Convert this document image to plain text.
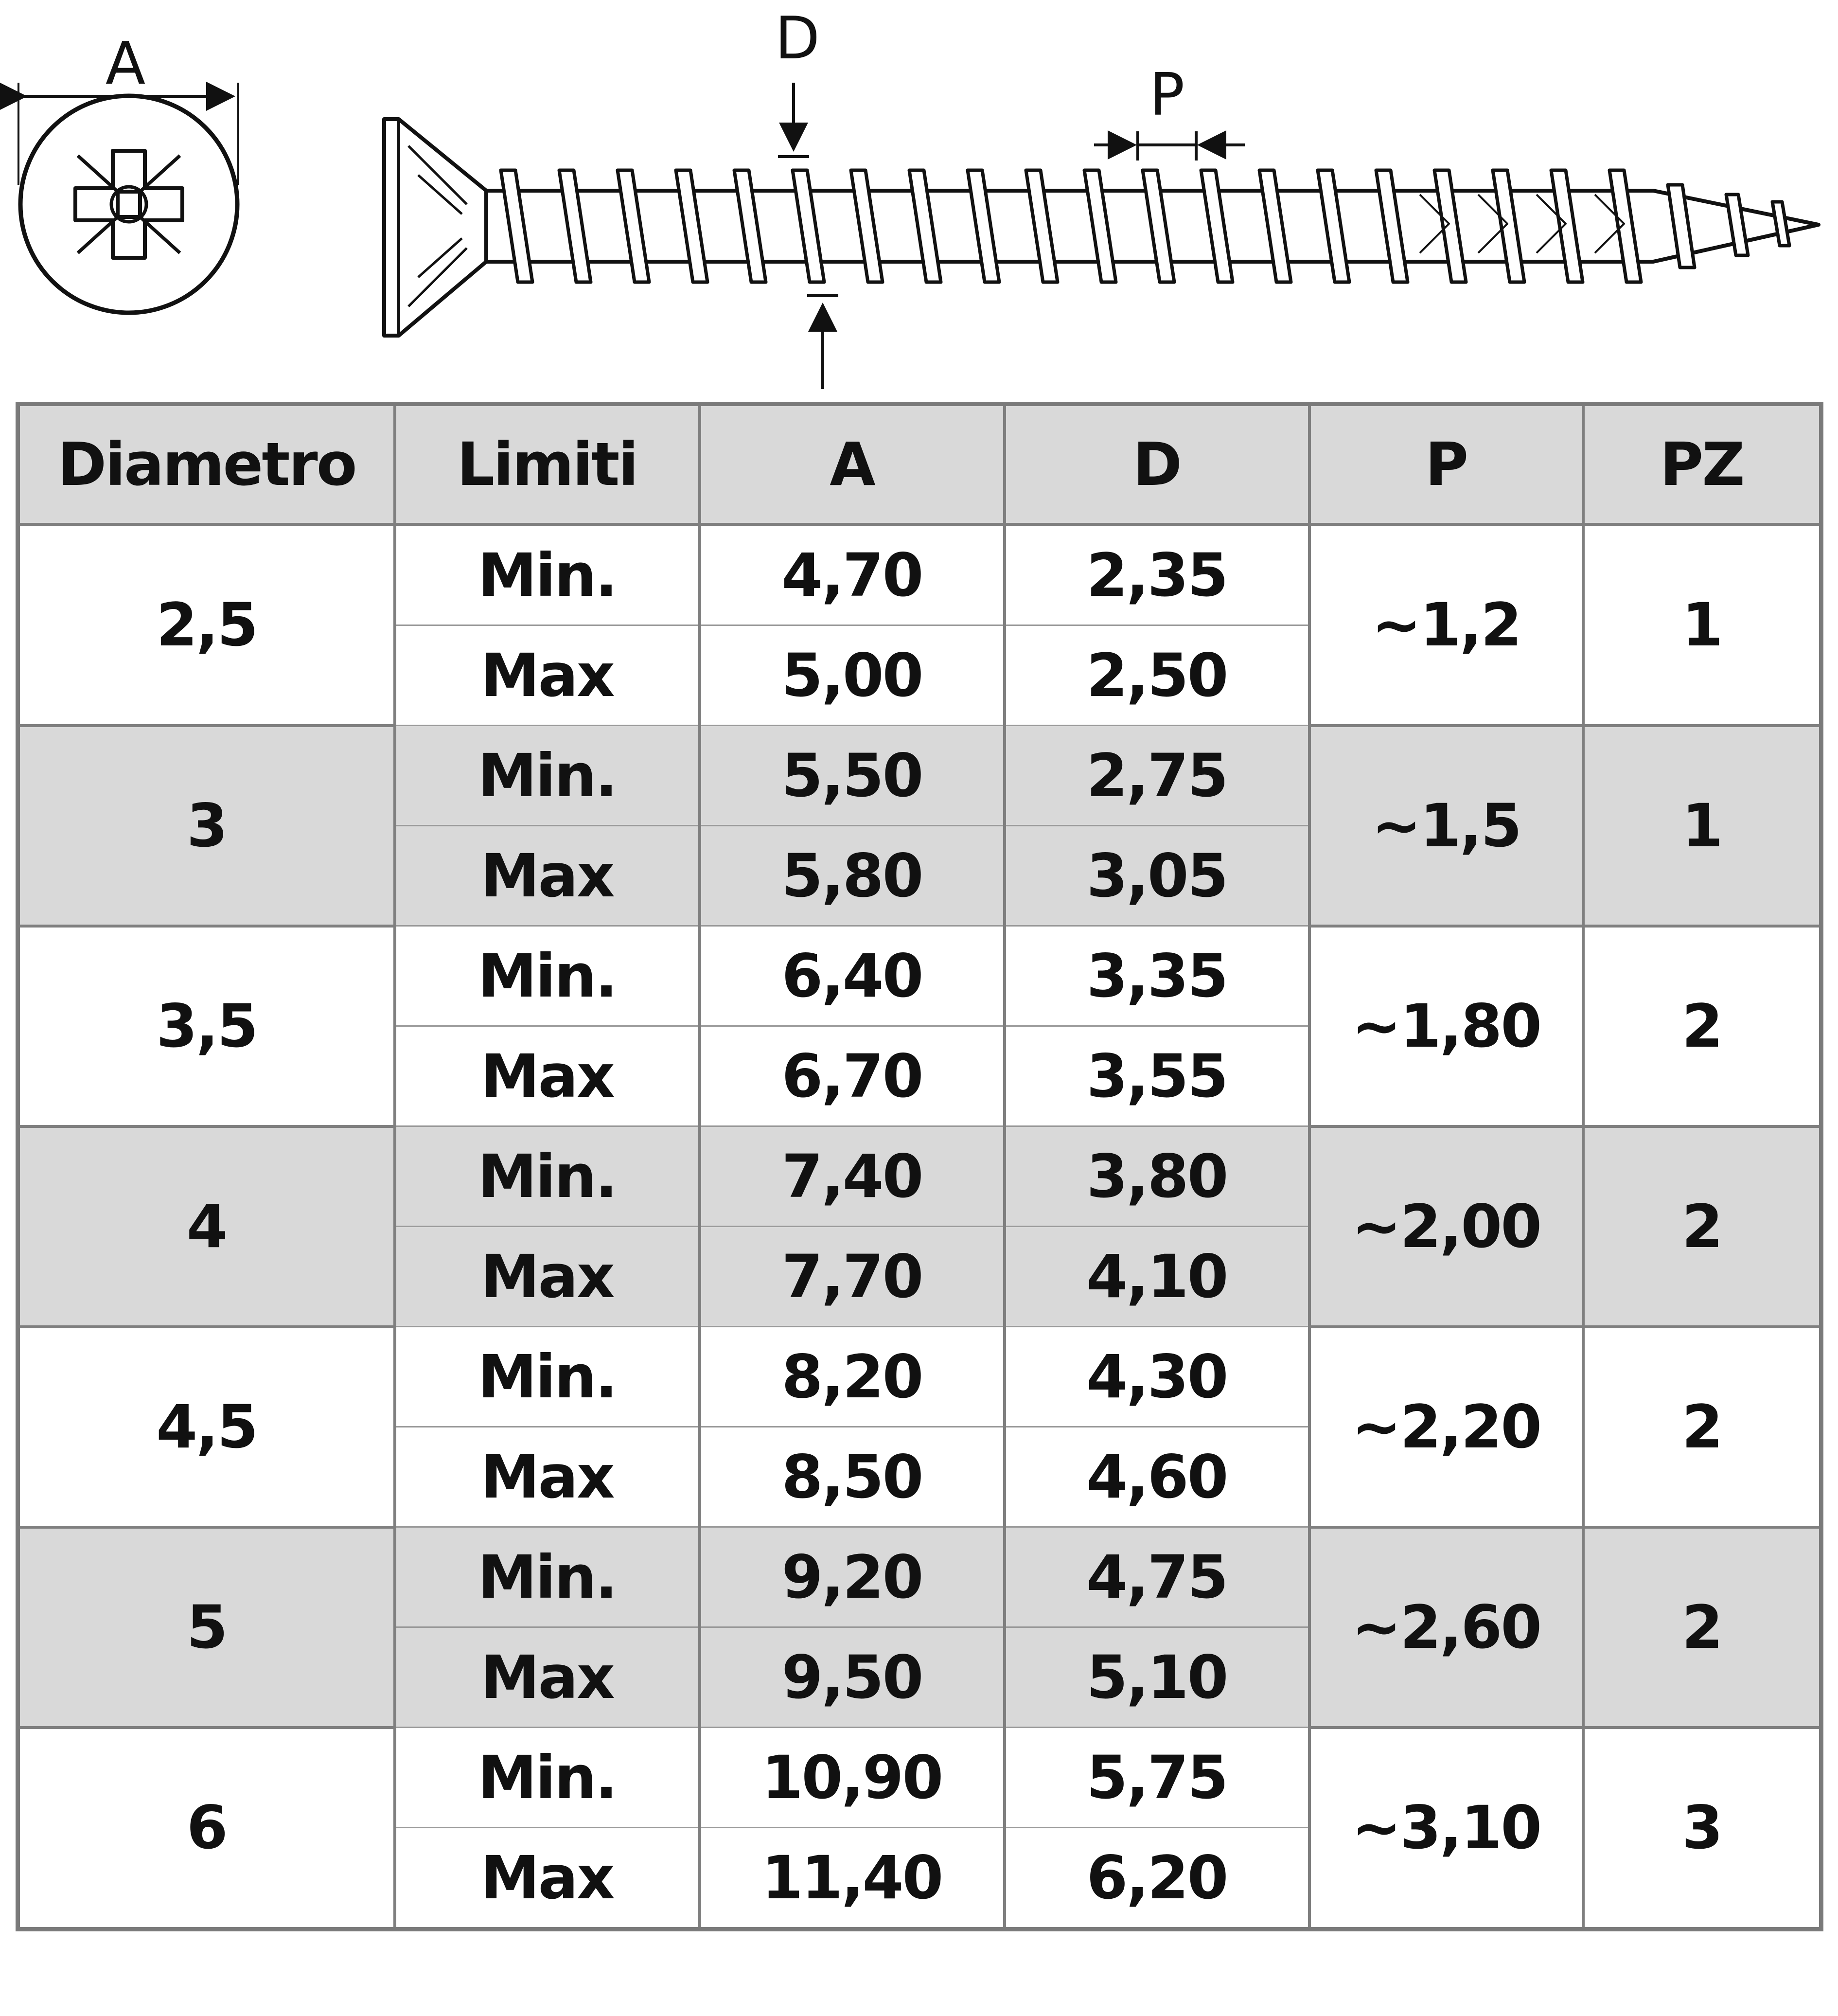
A	D
P
Diametro	Limiti	A	D	P	PZ
2,5	Min.	4,70	2,35	~1,2	1
	Max	5,00	2,50		
3	Min.	5,50	2,75	~1,5	1
	Max	5,80	3,05		
3,5	Min.	6,40	3,35	~1,80	2
	Max	6,70	3,55		
4	Min.	7,40	3,80	~2,00	2
	Max	7,70	4,10		
4,5	Min.	8,20	4,30	~2,20	2
	Max	8,50	4,60		
5	Min.	9,20	4,75	~2,60	2
	Max	9,50	5,10		
6	Min.	10,90	5,75	~3,10	3
	Max	11,40	6,20		
